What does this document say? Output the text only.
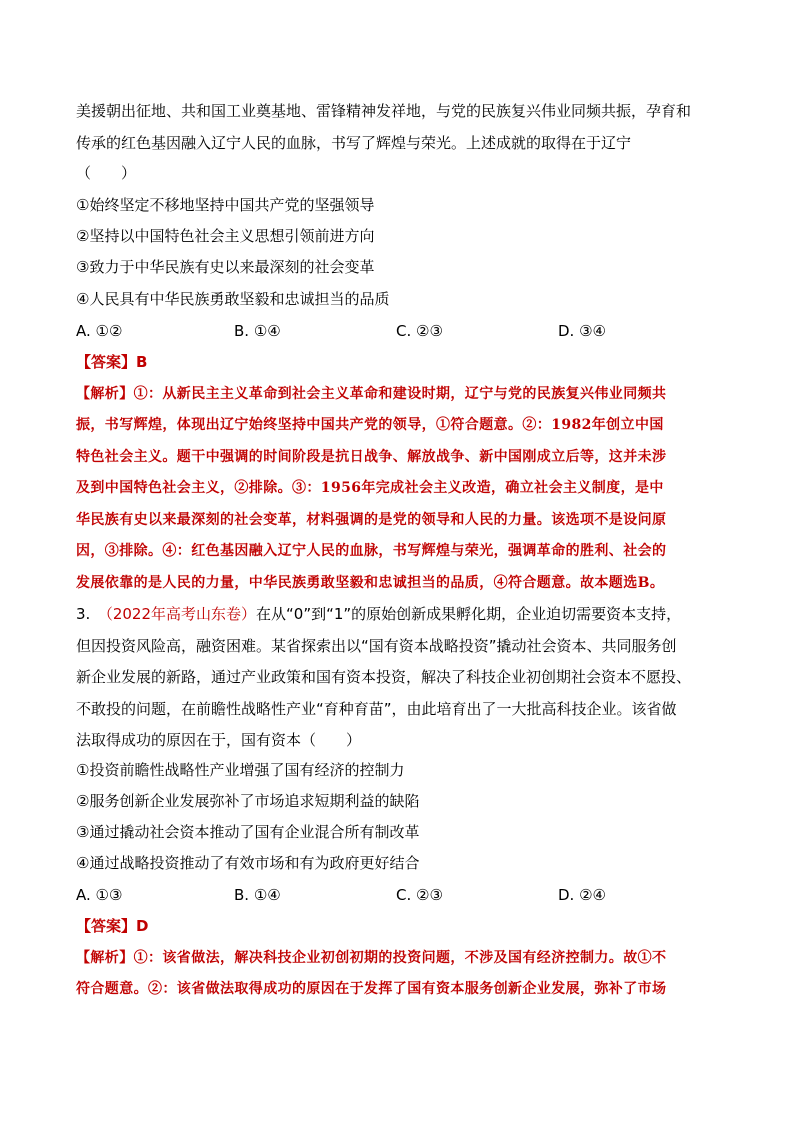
美援朝出征地、共和国工业奠基地、雷锋精神发祥地，与党的民族复兴伟业同频共振，孕育和
传承的红色基因融入辽宁人民的血脉，书写了辉煌与荣光。上述成就的取得在于辽宁
（　　）
①始终坚定不移地坚持中国共产党的坚强领导
②坚持以中国特色社会主义思想引领前进方向
③致力于中华民族有史以来最深刻的社会变革
④人民具有中华民族勇敢坚毅和忠诚担当的品质
A. ①②	B. ①④	C. ②③	D. ③④
【答案】B
【解析】①：从新民主主义革命到社会主义革命和建设时期，辽宁与党的民族复兴伟业同频共
振，书写辉煌，体现出辽宁始终坚持中国共产党的领导，①符合题意。②：1982年创立中国
特色社会主义。题干中强调的时间阶段是抗日战争、解放战争、新中国刚成立后等，这并未涉
及到中国特色社会主义，②排除。③：1956年完成社会主义改造，确立社会主义制度，是中
华民族有史以来最深刻的社会变革，材料强调的是党的领导和人民的力量。该选项不是设问原
因，③排除。④：红色基因融入辽宁人民的血脉，书写辉煌与荣光，强调革命的胜利、社会的
发展依靠的是人民的力量，中华民族勇敢坚毅和忠诚担当的品质，④符合题意。故本题选B。
3.　（2022年高考山东卷）在从“0”到“1”的原始创新成果孵化期，企业迫切需要资本支持，
但因投资风险高，融资困难。某省探索出以“国有资本战略投资”撬动社会资本、共同服务创
新企业发展的新路，通过产业政策和国有资本投资，解决了科技企业初创期社会资本不愿投、
不敢投的问题，在前瞻性战略性产业“育种育苗”，由此培育出了一大批高科技企业。该省做
法取得成功的原因在于，国有资本（　　）
①投资前瞻性战略性产业增强了国有经济的控制力
②服务创新企业发展弥补了市场追求短期利益的缺陷
③通过撬动社会资本推动了国有企业混合所有制改革
④通过战略投资推动了有效市场和有为政府更好结合
A. ①③	B. ①④	C. ②③	D. ②④
【答案】D
【解析】①：该省做法，解决科技企业初创初期的投资问题，不涉及国有经济控制力。故①不
符合题意。②：该省做法取得成功的原因在于发挥了国有资本服务创新企业发展，弥补了市场
